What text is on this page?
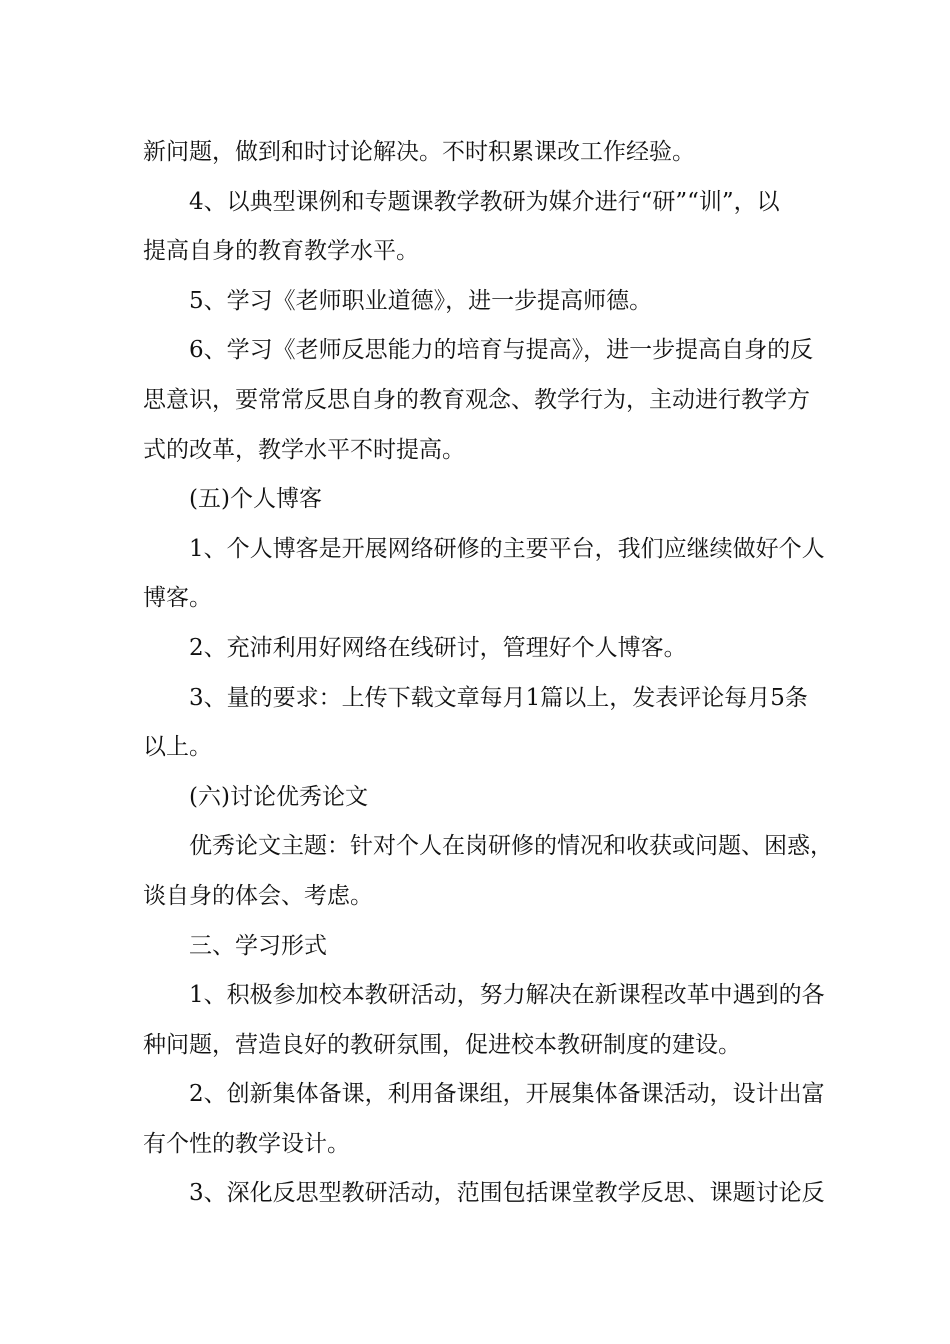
新问题，做到和时讨论解决。不时积累课改工作经验。
4、以典型课例和专题课教学教研为媒介进行“研”“训”，以
提高自身的教育教学水平。
5、学习《老师职业道德》，进一步提高师德。
6、学习《老师反思能力的培育与提高》，进一步提高自身的反
思意识，要常常反思自身的教育观念、教学行为，主动进行教学方
式的改革，教学水平不时提高。
(五)个人博客
1、个人博客是开展网络研修的主要平台，我们应继续做好个人
博客。
2、充沛利用好网络在线研讨，管理好个人博客。
3、量的要求：上传下载文章每月1篇以上，发表评论每月5条
以上。
(六)讨论优秀论文
优秀论文主题：针对个人在岗研修的情况和收获或问题、困惑，
谈自身的体会、考虑。
三、学习形式
1、积极参加校本教研活动，努力解决在新课程改革中遇到的各
种问题，营造良好的教研氛围，促进校本教研制度的建设。
2、创新集体备课，利用备课组，开展集体备课活动，设计出富
有个性的教学设计。
3、深化反思型教研活动，范围包括课堂教学反思、课题讨论反
